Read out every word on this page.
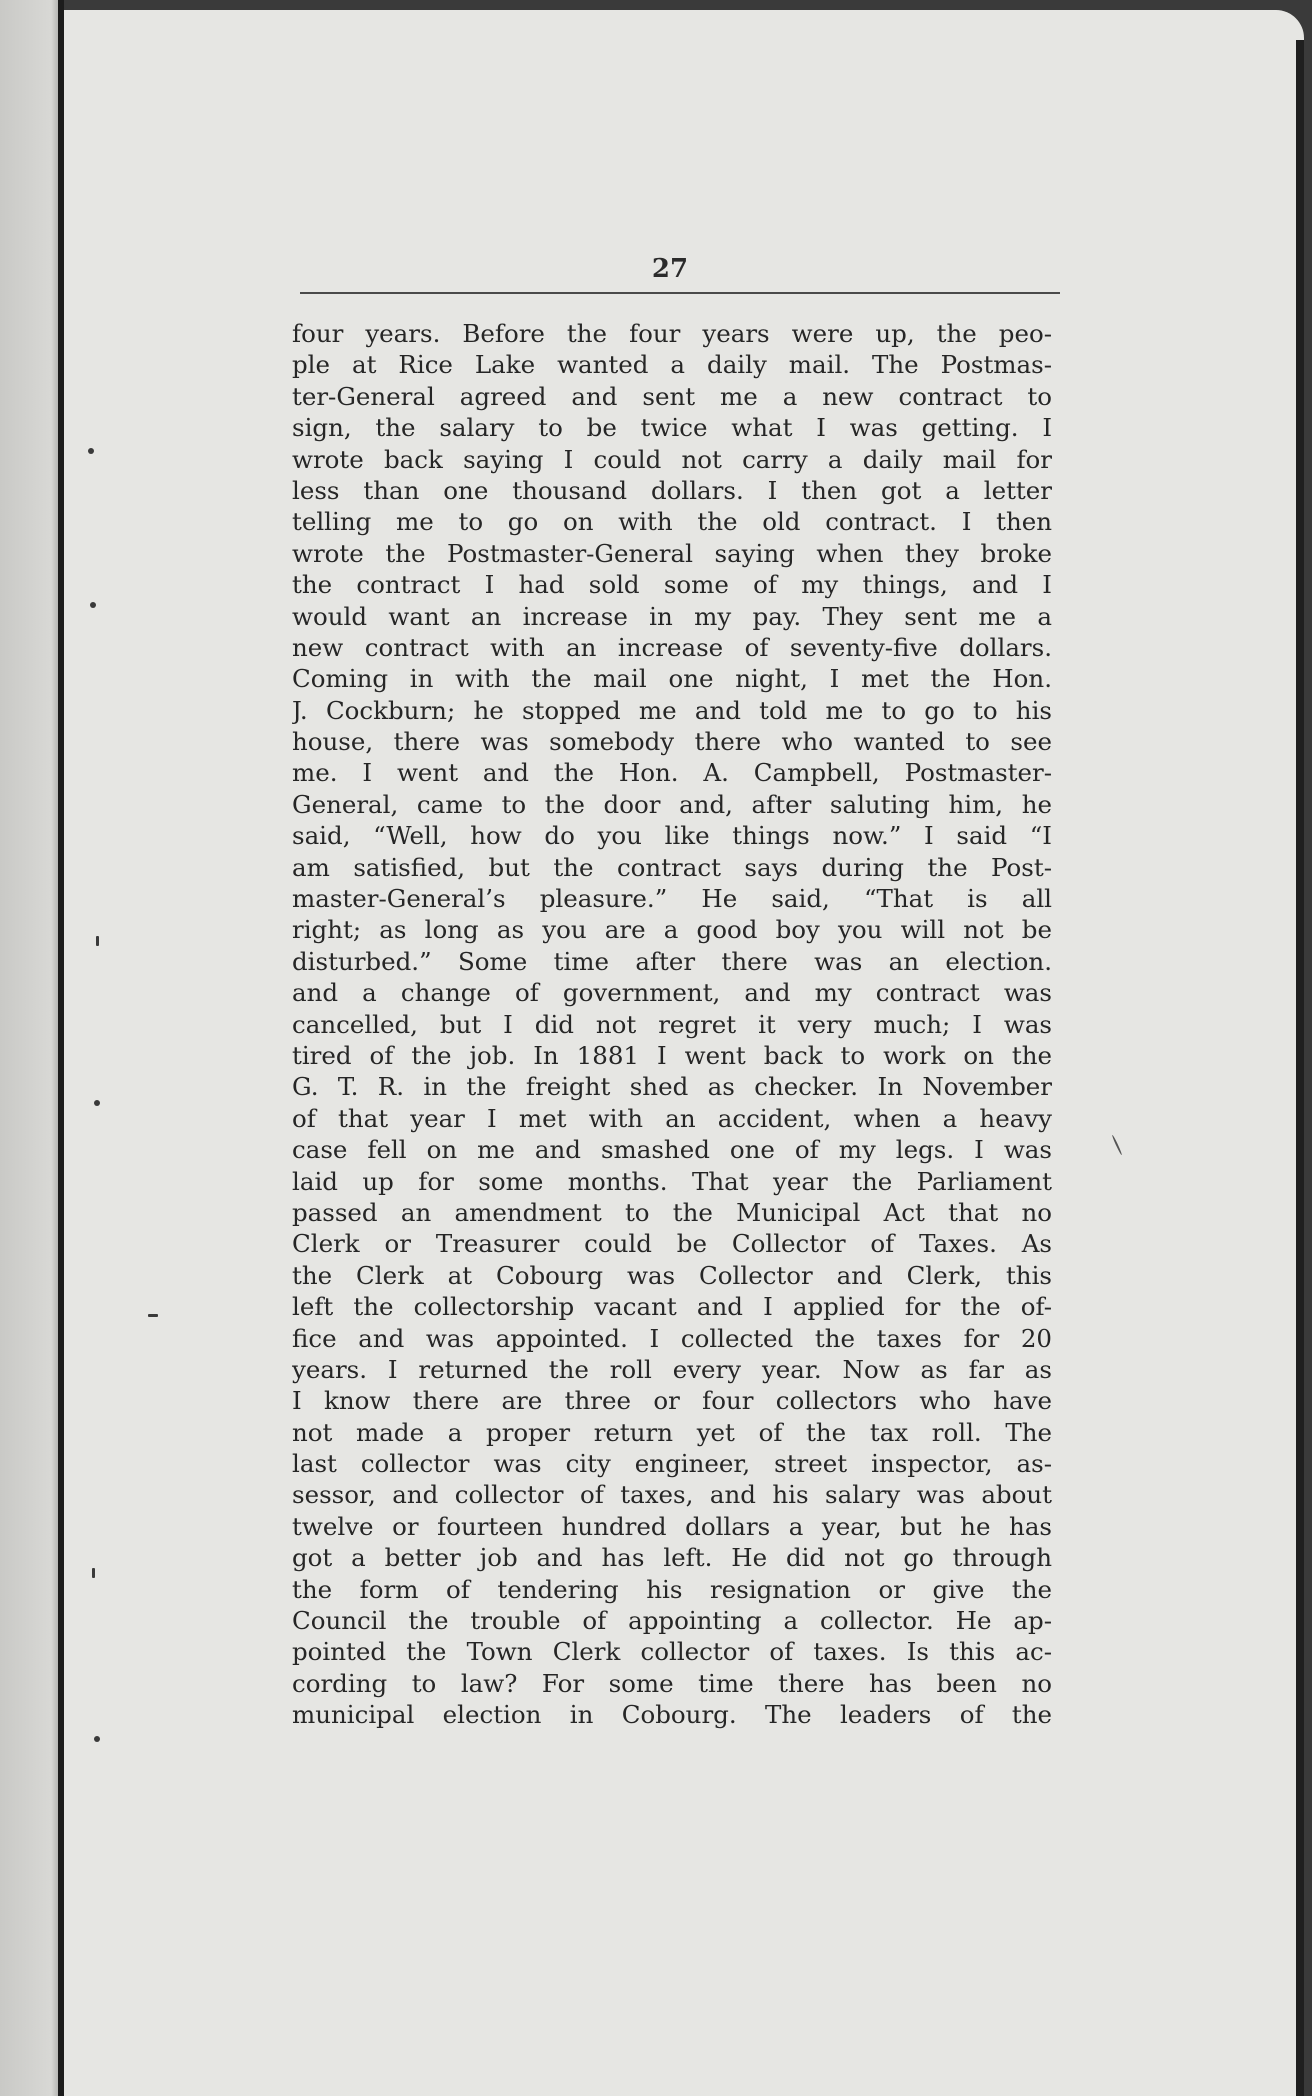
27
four years. Before the four years were up, the peo-
ple at Rice Lake wanted a daily mail. The Postmas-
ter-General agreed and sent me a new contract to
sign, the salary to be twice what I was getting. I
wrote back saying I could not carry a daily mail for
less than one thousand dollars. I then got a letter
telling me to go on with the old contract. I then
wrote the Postmaster-General saying when they broke
the contract I had sold some of my things, and I
would want an increase in my pay. They sent me a
new contract with an increase of seventy-five dollars.
Coming in with the mail one night, I met the Hon.
J. Cockburn; he stopped me and told me to go to his
house, there was somebody there who wanted to see
me. I went and the Hon. A. Campbell, Postmaster-
General, came to the door and, after saluting him, he
said, “Well, how do you like things now.” I said “I
am satisfied, but the contract says during the Post-
master-General’s pleasure.” He said, “That is all
right; as long as you are a good boy you will not be
disturbed.” Some time after there was an election.
and a change of government, and my contract was
cancelled, but I did not regret it very much; I was
tired of the job. In 1881 I went back to work on the
G. T. R. in the freight shed as checker. In November
of that year I met with an accident, when a heavy
case fell on me and smashed one of my legs. I was
laid up for some months. That year the Parliament
passed an amendment to the Municipal Act that no
Clerk or Treasurer could be Collector of Taxes. As
the Clerk at Cobourg was Collector and Clerk, this
left the collectorship vacant and I applied for the of-
fice and was appointed. I collected the taxes for 20
years. I returned the roll every year. Now as far as
I know there are three or four collectors who have
not made a proper return yet of the tax roll. The
last collector was city engineer, street inspector, as-
sessor, and collector of taxes, and his salary was about
twelve or fourteen hundred dollars a year, but he has
got a better job and has left. He did not go through
the form of tendering his resignation or give the
Council the trouble of appointing a collector. He ap-
pointed the Town Clerk collector of taxes. Is this ac-
cording to law? For some time there has been no
municipal election in Cobourg. The leaders of the
